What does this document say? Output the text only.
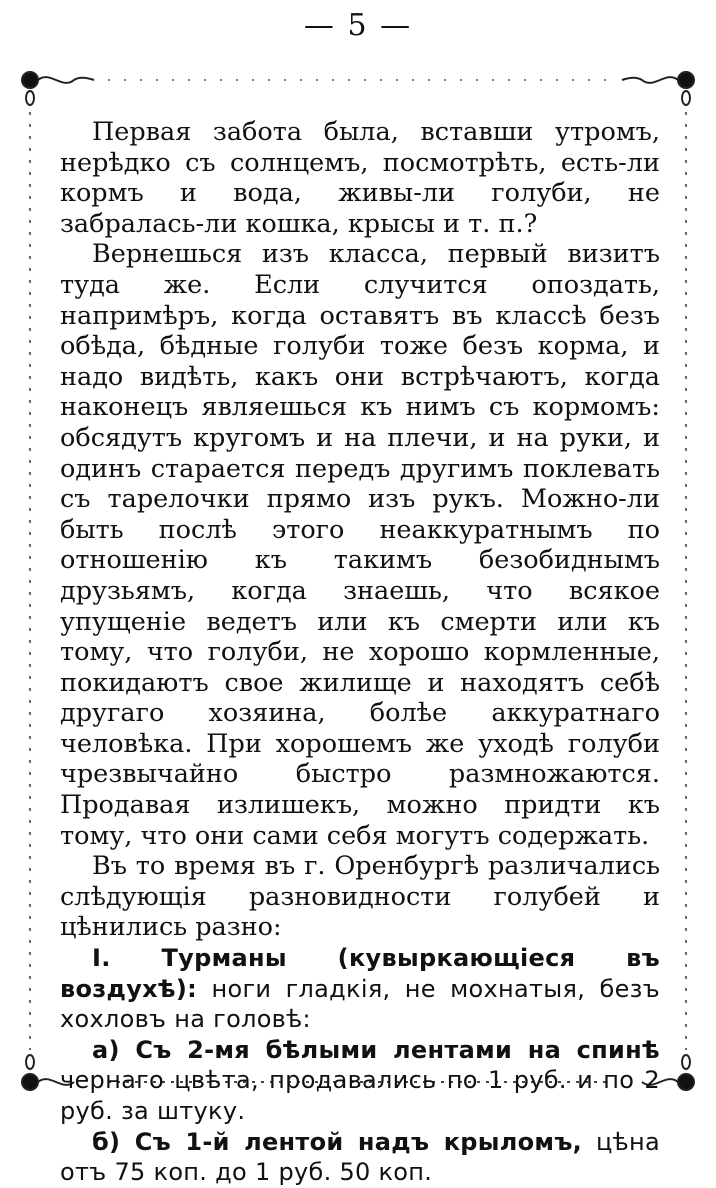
— 5 —

Первая забота была, вставши утромъ, нерѣдко съ солнцемъ, посмотрѣть, есть-ли кормъ и вода, живы-ли голуби, не забралась-ли кошка, крысы и т. п.?

Вернешься изъ класса, первый визитъ туда же. Если случится опоздать, напримѣръ, когда оставятъ въ классѣ безъ обѣда, бѣдные голуби тоже безъ корма, и надо видѣть, какъ они встрѣчаютъ, когда наконецъ являешься къ нимъ съ кормомъ: обсядутъ кругомъ и на плечи, и на руки, и одинъ старается передъ другимъ поклевать съ тарелочки прямо изъ рукъ. Можно-ли быть послѣ этого неаккуратнымъ по отношенію къ такимъ безобиднымъ друзьямъ, когда знаешь, что всякое упущеніе ведетъ или къ смерти или къ тому, что голуби, не хорошо кормленные, покидаютъ свое жилище и находятъ себѣ другаго хозяина, болѣе аккуратнаго человѣка. При хорошемъ же уходѣ голуби чрезвычайно быстро размножаются. Продавая излишекъ, можно придти къ тому, что они сами себя могутъ содержать.

Въ то время въ г. Оренбургѣ различались слѣдующія разновидности голубей и цѣнились разно:

I. Турманы (кувыркающіеся въ воздухѣ): ноги гладкія, не мохнатыя, безъ хохловъ на головѣ:

а) Съ 2-мя бѣлыми лентами на спинѣ чернаго цвѣта, продавались по 1 руб. и по 2 руб. за штуку.

б) Съ 1-й лентой надъ крыломъ, цѣна отъ 75 коп. до 1 руб. 50 коп.
